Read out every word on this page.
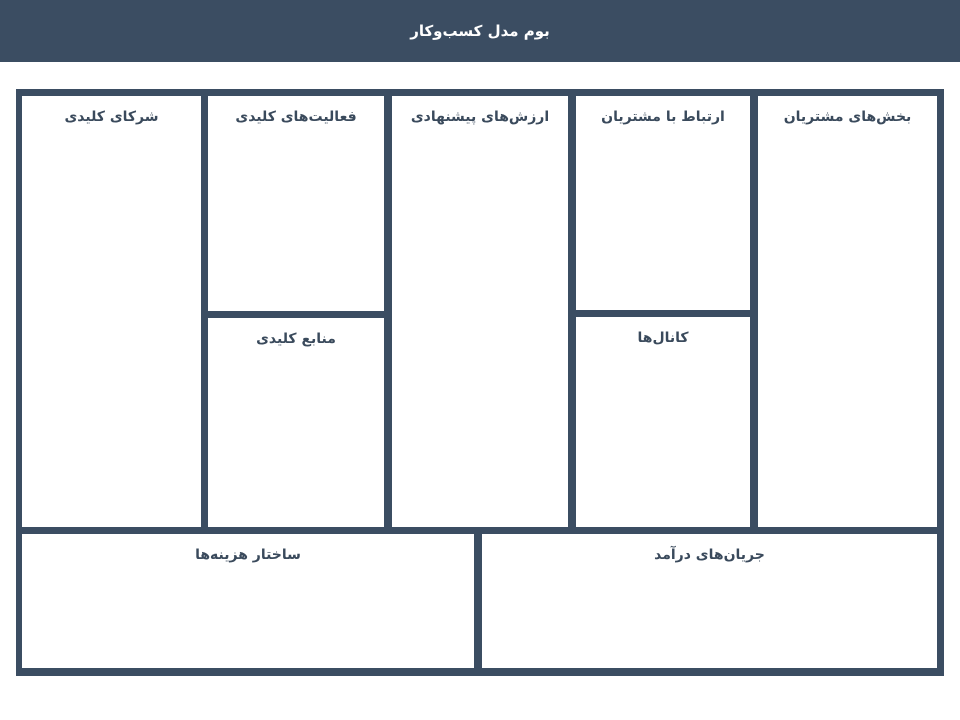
بوم مدل کسب‌وکار
شرکای کلیدی	فعالیت‌های کلیدی
منابع کلیدی
ارزش‌های پیشنهادی	ارتباط با مشتریان
کانال‌ها
بخش‌های مشتریان
ساختار هزینه‌ها	جریان‌های درآمد
